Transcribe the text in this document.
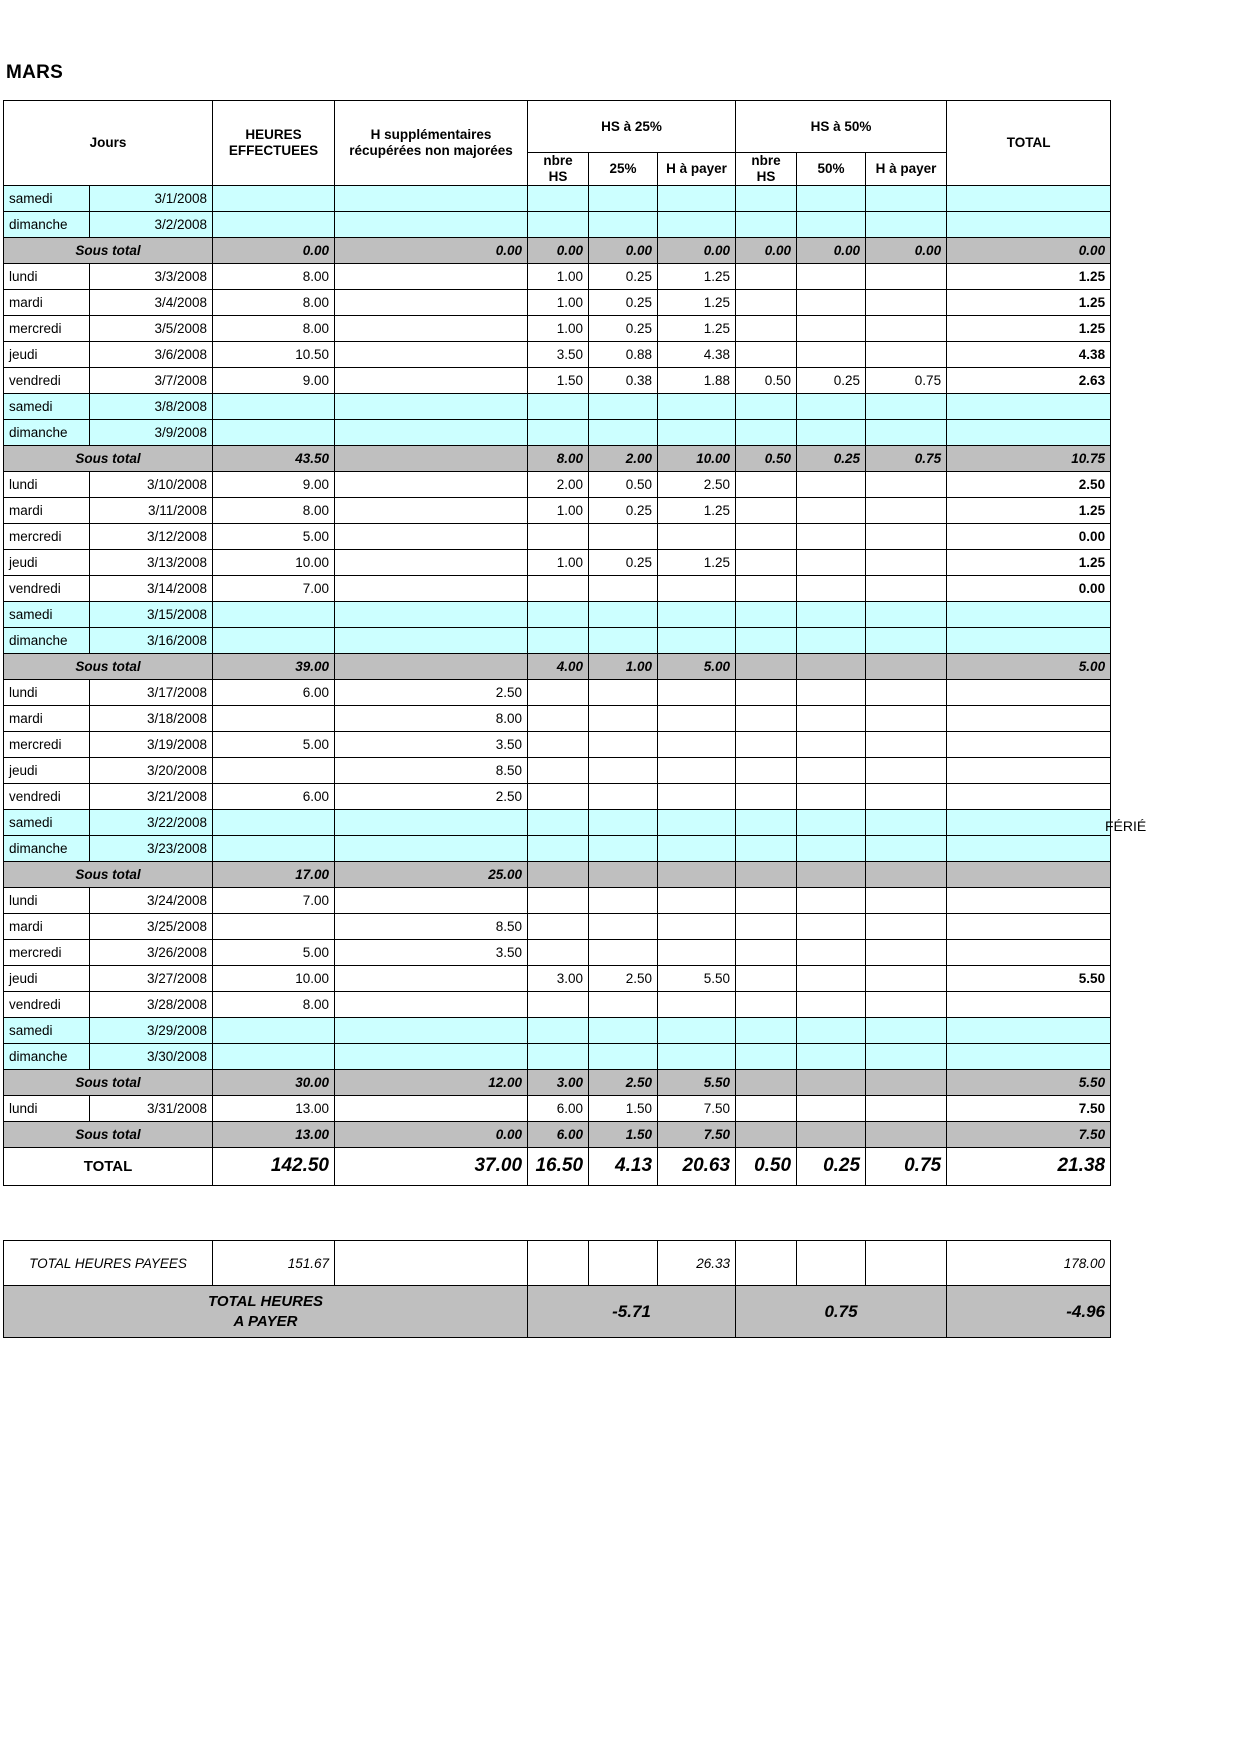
MARS
Jours		HEURES EFFECTUEES	H supplémentaires récupérées non majorées	HS à 25%			HS à 50%			TOTAL
				nbre HS	25%	H à payer	nbre HS	50%	H à payer	
samedi	3/1/2008									
dimanche	3/2/2008									
Sous total		0.00	0.00	0.00	0.00	0.00	0.00	0.00	0.00	0.00
lundi	3/3/2008	8.00		1.00	0.25	1.25				1.25
mardi	3/4/2008	8.00		1.00	0.25	1.25				1.25
mercredi	3/5/2008	8.00		1.00	0.25	1.25				1.25
jeudi	3/6/2008	10.50		3.50	0.88	4.38				4.38
vendredi	3/7/2008	9.00		1.50	0.38	1.88	0.50	0.25	0.75	2.63
samedi	3/8/2008									
dimanche	3/9/2008									
Sous total		43.50		8.00	2.00	10.00	0.50	0.25	0.75	10.75
lundi	3/10/2008	9.00		2.00	0.50	2.50				2.50
mardi	3/11/2008	8.00		1.00	0.25	1.25				1.25
mercredi	3/12/2008	5.00								0.00
jeudi	3/13/2008	10.00		1.00	0.25	1.25				1.25
vendredi	3/14/2008	7.00								0.00
samedi	3/15/2008									
dimanche	3/16/2008									
Sous total		39.00		4.00	1.00	5.00				5.00
lundi	3/17/2008	6.00	2.50							
mardi	3/18/2008		8.00							
mercredi	3/19/2008	5.00	3.50							
jeudi	3/20/2008		8.50							
vendredi	3/21/2008	6.00	2.50							
samedi	3/22/2008									
dimanche	3/23/2008									
Sous total		17.00	25.00							
lundi	3/24/2008	7.00								
mardi	3/25/2008		8.50							
mercredi	3/26/2008	5.00	3.50							
jeudi	3/27/2008	10.00		3.00	2.50	5.50				5.50
vendredi	3/28/2008	8.00								
samedi	3/29/2008									
dimanche	3/30/2008									
Sous total		30.00	12.00	3.00	2.50	5.50				5.50
lundi	3/31/2008	13.00		6.00	1.50	7.50				7.50
Sous total		13.00	0.00	6.00	1.50	7.50				7.50
TOTAL		142.50	37.00	16.50	4.13	20.63	0.50	0.25	0.75	21.38
TOTAL HEURES PAYEES	151.67				26.33				178.00
TOTAL HEURES
A PAYER			-5.71			0.75			-4.96
FÉRIÉ
